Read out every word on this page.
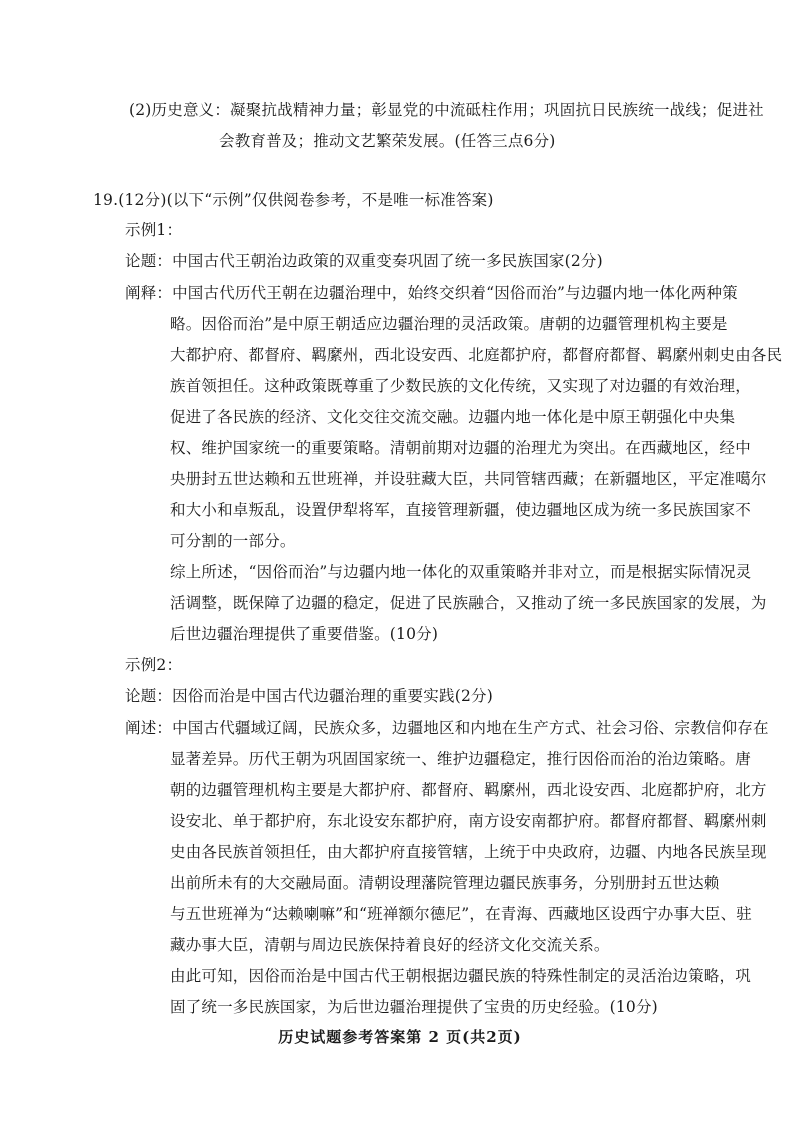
(2)历史意义：凝聚抗战精神力量；彰显党的中流砥柱作用；巩固抗日民族统一战线；促进社
会教育普及；推动文艺繁荣发展。(任答三点6分)
19.(12分)(以下“示例”仅供阅卷参考，不是唯一标准答案)
示例1：
论题：中国古代王朝治边政策的双重变奏巩固了统一多民族国家(2分)
阐释：中国古代历代王朝在边疆治理中，始终交织着“因俗而治”与边疆内地一体化两种策
略。因俗而治”是中原王朝适应边疆治理的灵活政策。唐朝的边疆管理机构主要是
大都护府、都督府、羁縻州，西北设安西、北庭都护府，都督府都督、羁縻州刺史由各民
族首领担任。这种政策既尊重了少数民族的文化传统，又实现了对边疆的有效治理，
促进了各民族的经济、文化交往交流交融。边疆内地一体化是中原王朝强化中央集
权、维护国家统一的重要策略。清朝前期对边疆的治理尤为突出。在西藏地区，经中
央册封五世达赖和五世班禅，并设驻藏大臣，共同管辖西藏；在新疆地区，平定准噶尔
和大小和卓叛乱，设置伊犁将军，直接管理新疆，使边疆地区成为统一多民族国家不
可分割的一部分。
综上所述，“因俗而治”与边疆内地一体化的双重策略并非对立，而是根据实际情况灵
活调整，既保障了边疆的稳定，促进了民族融合，又推动了统一多民族国家的发展，为
后世边疆治理提供了重要借鉴。(10分)
示例2：
论题：因俗而治是中国古代边疆治理的重要实践(2分)
阐述：中国古代疆域辽阔，民族众多，边疆地区和内地在生产方式、社会习俗、宗教信仰存在
显著差异。历代王朝为巩固国家统一、维护边疆稳定，推行因俗而治的治边策略。唐
朝的边疆管理机构主要是大都护府、都督府、羁縻州，西北设安西、北庭都护府，北方
设安北、单于都护府，东北设安东都护府，南方设安南都护府。都督府都督、羁縻州刺
史由各民族首领担任，由大都护府直接管辖，上统于中央政府，边疆、内地各民族呈现
出前所未有的大交融局面。清朝设理藩院管理边疆民族事务，分别册封五世达赖
与五世班禅为“达赖喇嘛”和“班禅额尔德尼”，在青海、西藏地区设西宁办事大臣、驻
藏办事大臣，清朝与周边民族保持着良好的经济文化交流关系。
由此可知，因俗而治是中国古代王朝根据边疆民族的特殊性制定的灵活治边策略，巩
固了统一多民族国家，为后世边疆治理提供了宝贵的历史经验。(10分)
历史试题参考答案第 2 页(共2页)
